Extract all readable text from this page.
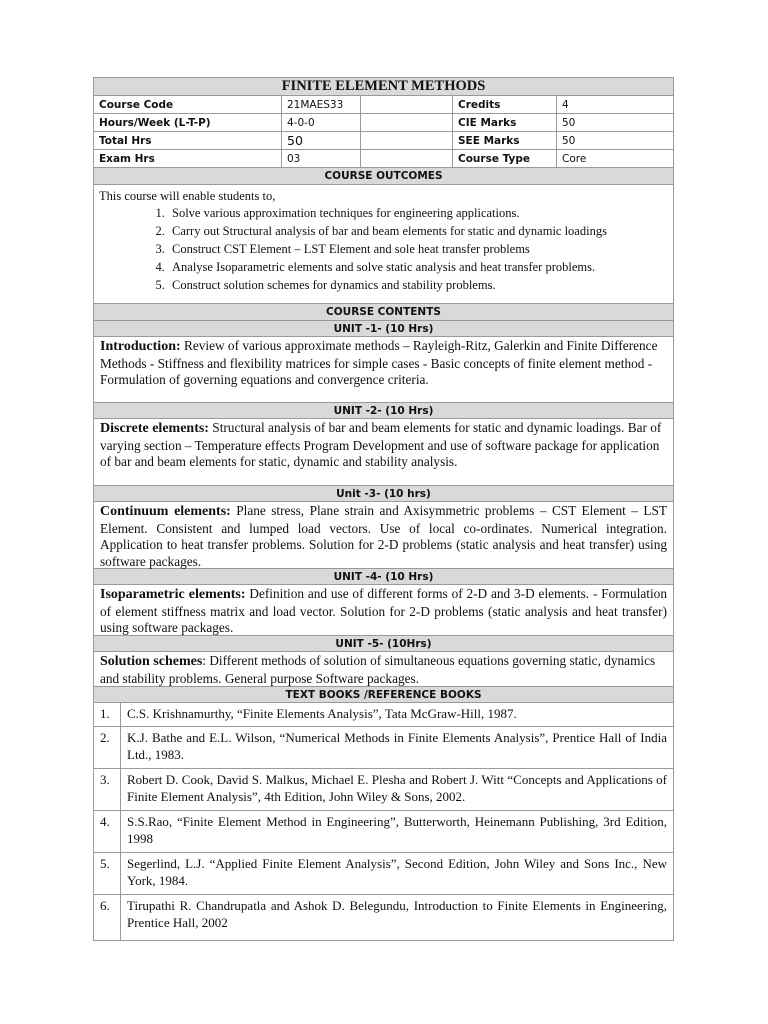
FINITE ELEMENT METHODS
Course Code	21MAES33	Credits	4
Hours/Week (L-T-P)	4-0-0	CIE Marks	50
Total Hrs	50	SEE Marks	50
Exam Hrs	03	Course Type	Core
COURSE OUTCOMES
This course will enable students to,
1. Solve various approximation techniques for engineering applications.
2. Carry out Structural analysis of bar and beam elements for static and dynamic loadings
3. Construct CST Element – LST Element and sole heat transfer problems
4. Analyse Isoparametric elements and solve static analysis and heat transfer problems.
5. Construct solution schemes for dynamics and stability problems.
COURSE CONTENTS
UNIT -1- (10 Hrs)
Introduction: Review of various approximate methods – Rayleigh-Ritz, Galerkin and Finite Difference Methods - Stiffness and flexibility matrices for simple cases - Basic concepts of finite element method - Formulation of governing equations and convergence criteria.
UNIT -2- (10 Hrs)
Discrete elements: Structural analysis of bar and beam elements for static and dynamic loadings. Bar of varying section – Temperature effects Program Development and use of software package for application of bar and beam elements for static, dynamic and stability analysis.
Unit -3- (10 hrs)
Continuum elements: Plane stress, Plane strain and Axisymmetric problems – CST Element – LST Element. Consistent and lumped load vectors. Use of local co-ordinates. Numerical integration. Application to heat transfer problems. Solution for 2-D problems (static analysis and heat transfer) using software packages.
UNIT -4- (10 Hrs)
Isoparametric elements: Definition and use of different forms of 2-D and 3-D elements. - Formulation of element stiffness matrix and load vector. Solution for 2-D problems (static analysis and heat transfer) using software packages.
UNIT -5- (10Hrs)
Solution schemes: Different methods of solution of simultaneous equations governing static, dynamics and stability problems. General purpose Software packages.
TEXT BOOKS /REFERENCE BOOKS
1.	C.S. Krishnamurthy, “Finite Elements Analysis”, Tata McGraw-Hill, 1987.
2.	K.J. Bathe and E.L. Wilson, “Numerical Methods in Finite Elements Analysis”, Prentice Hall of India Ltd., 1983.
3.	Robert D. Cook, David S. Malkus, Michael E. Plesha and Robert J. Witt “Concepts and Applications of Finite Element Analysis”, 4th Edition, John Wiley & Sons, 2002.
4.	S.S.Rao, “Finite Element Method in Engineering”, Butterworth, Heinemann Publishing, 3rd Edition, 1998
5.	Segerlind, L.J. “Applied Finite Element Analysis”, Second Edition, John Wiley and Sons Inc., New York, 1984.
6.	Tirupathi R. Chandrupatla and Ashok D. Belegundu, Introduction to Finite Elements in Engineering, Prentice Hall, 2002
